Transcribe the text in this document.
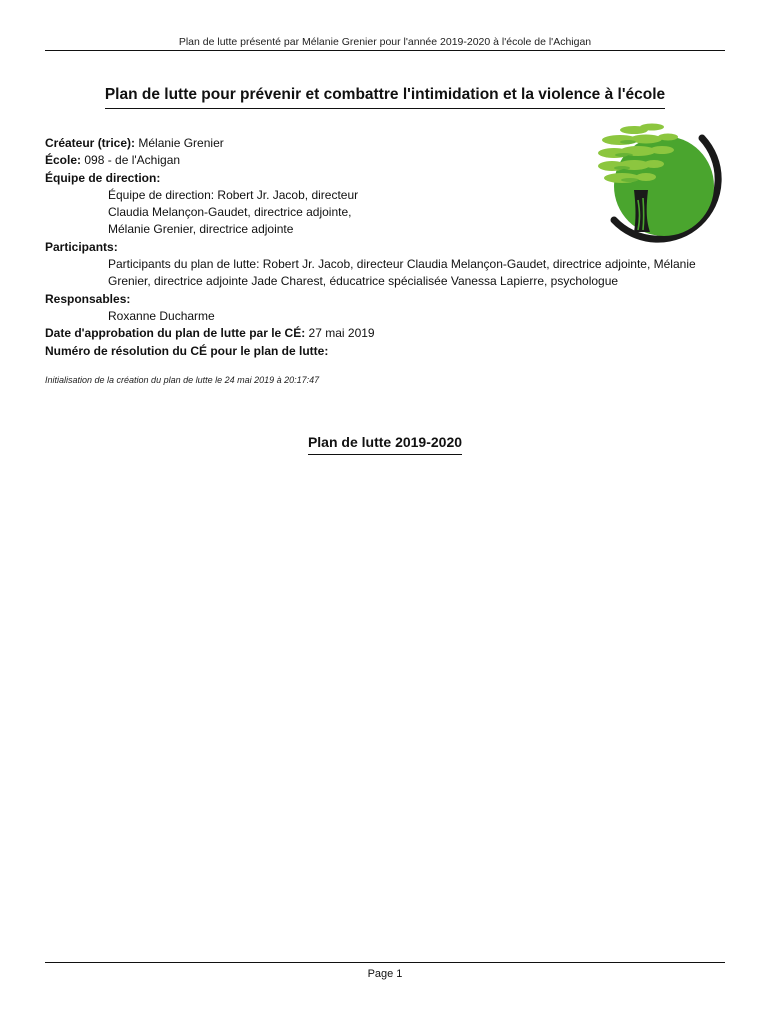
Plan de lutte présenté par Mélanie Grenier pour l'année 2019-2020 à l'école de l'Achigan
Plan de lutte pour prévenir et combattre l'intimidation et la violence à l'école
Créateur (trice): Mélanie Grenier
École: 098 - de l'Achigan
Équipe de direction:
Équipe de direction: Robert Jr. Jacob, directeur
Claudia Melançon-Gaudet, directrice adjointe,
Mélanie Grenier, directrice adjointe
Participants:
Participants du plan de lutte: Robert Jr. Jacob, directeur Claudia Melançon-Gaudet, directrice adjointe, Mélanie Grenier, directrice adjointe Jade Charest, éducatrice spécialisée Vanessa Lapierre, psychologue
Responsables:
Roxanne Ducharme
Date d'approbation du plan de lutte par le CÉ: 27 mai 2019
Numéro de résolution du CÉ pour le plan de lutte:
Initialisation de la création du plan de lutte le 24 mai 2019 à 20:17:47
Plan de lutte 2019-2020
Page 1
